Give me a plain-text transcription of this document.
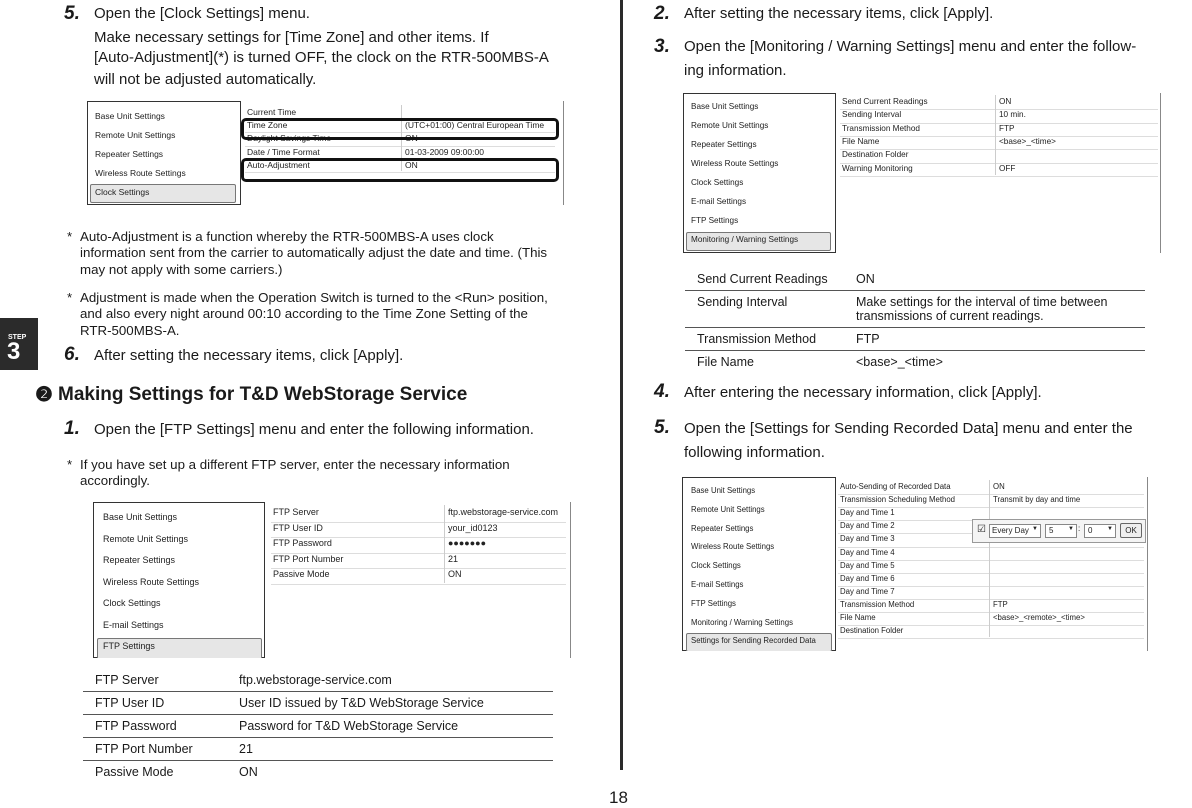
5. Open the [Clock Settings] menu.
Make necessary settings for [Time Zone] and other items. If
[Auto-Adjustment](*) is turned OFF, the clock on the RTR-500MBS-A
will not be adjusted automatically.
Base Unit Settings
Remote Unit Settings
Repeater Settings
Wireless Route Settings
Clock Settings
Current Time
Time Zone	(UTC+01:00) Central European Time
Daylight Savings Time	ON
Date / Time Format	01-03-2009 09:00:00
Auto-Adjustment	ON
* Auto-Adjustment is a function whereby the RTR-500MBS-A uses clock
information sent from the carrier to automatically adjust the date and time. (This
may not apply with some carriers.)
* Adjustment is made when the Operation Switch is turned to the <Run> position,
and also every night around 00:10 according to the Time Zone Setting of the
RTR-500MBS-A.
6. After setting the necessary items, click [Apply].
❷ Making Settings for T&D WebStorage Service
1. Open the [FTP Settings] menu and enter the following information.
* If you have set up a different FTP server, enter the necessary information
accordingly.
Base Unit Settings
Remote Unit Settings
Repeater Settings
Wireless Route Settings
Clock Settings
E-mail Settings
FTP Settings
FTP Server	ftp.webstorage-service.com
FTP User ID	your_id0123
FTP Password	●●●●●●●
FTP Port Number	21
Passive Mode	ON
FTP Server	ftp.webstorage-service.com
FTP User ID	User ID issued by T&D WebStorage Service
FTP Password	Password for T&D WebStorage Service
FTP Port Number	21
Passive Mode	ON
STEP
3
2. After setting the necessary items, click [Apply].
3. Open the [Monitoring / Warning Settings] menu and enter the follow-
ing information.
Base Unit Settings
Remote Unit Settings
Repeater Settings
Wireless Route Settings
Clock Settings
E-mail Settings
FTP Settings
Monitoring / Warning Settings
Send Current Readings	ON
Sending Interval	10 min.
Transmission Method	FTP
File Name	<base>_<time>
Destination Folder
Warning Monitoring	OFF
Send Current Readings	ON
Sending Interval	Make settings for the interval of time between transmissions of current readings.
Transmission Method	FTP
File Name	<base>_<time>
4. After entering the necessary information, click [Apply].
5. Open the [Settings for Sending Recorded Data] menu and enter the
following information.
Base Unit Settings
Remote Unit Settings
Repeater Settings
Wireless Route Settings
Clock Settings
E-mail Settings
FTP Settings
Monitoring / Warning Settings
Settings for Sending Recorded Data
Auto-Sending of Recorded Data	ON
Transmission Scheduling Method	Transmit by day and time
Day and Time 1
Day and Time 2
Day and Time 3
Day and Time 4
Day and Time 5
Day and Time 6
Day and Time 7
Transmission Method	FTP
File Name	<base>_<remote>_<time>
Destination Folder
☑ Every Day ▼ 5 ▼ : 0 ▼	OK
18
